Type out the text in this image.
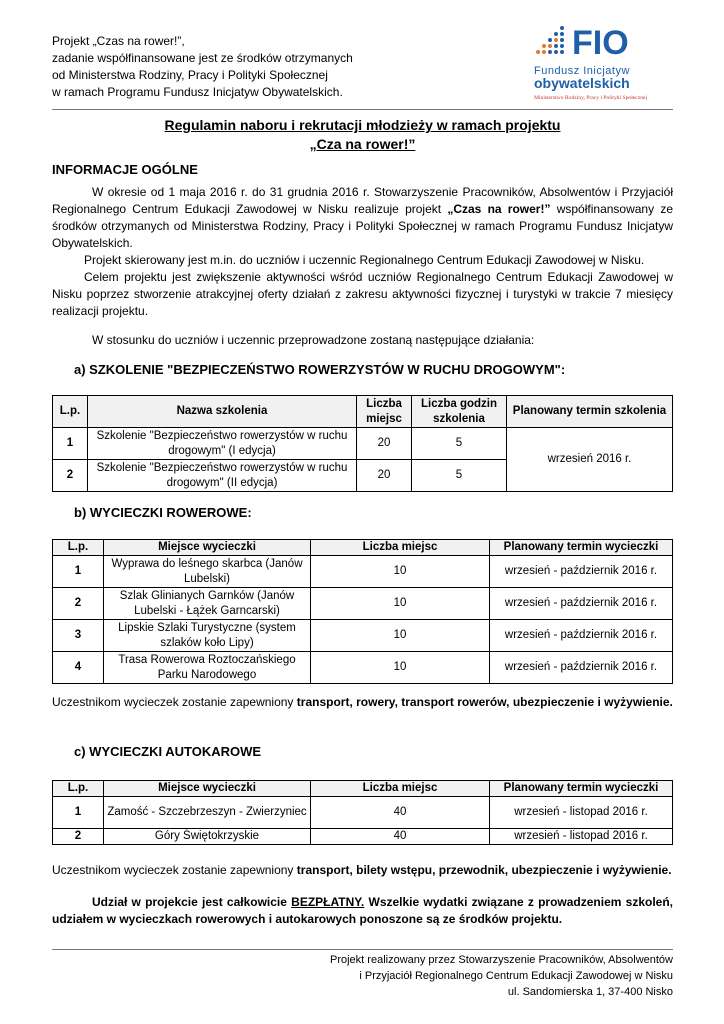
Projekt „Czas na rower!”,
zadanie współfinansowane jest ze środków otrzymanych
od Ministerstwa Rodziny, Pracy i Polityki Społecznej
w ramach Programu Fundusz Inicjatyw Obywatelskich.
FIO
Fundusz Inicjatyw
obywatelskich
Ministerstwo Rodziny, Pracy i Polityki Społecznej
Regulamin naboru i rekrutacji młodzieży w ramach projektu
„Cza na rower!”
INFORMACJE OGÓLNE
W okresie od 1 maja 2016 r. do 31 grudnia 2016 r. Stowarzyszenie Pracowników, Absolwentów i Przyjaciół Regionalnego Centrum Edukacji Zawodowej w Nisku realizuje projekt „Czas na rower!” współfinansowany ze środków otrzymanych od Ministerstwa Rodziny, Pracy i Polityki Społecznej w ramach Programu Fundusz Inicjatyw Obywatelskich.
Projekt skierowany jest m.in. do uczniów i uczennic Regionalnego Centrum Edukacji Zawodowej w Nisku.
Celem projektu jest zwiększenie aktywności wśród uczniów Regionalnego Centrum Edukacji Zawodowej w Nisku poprzez stworzenie atrakcyjnej oferty działań z zakresu aktywności fizycznej i turystyki w trakcie 7 miesięcy realizacji projektu.
W stosunku do uczniów i uczennic przeprowadzone zostaną następujące działania:
a) SZKOLENIE "BEZPIECZEŃSTWO ROWERZYSTÓW W RUCHU DROGOWYM":
L.p.	Nazwa szkolenia	Liczba miejsc	Liczba godzin szkolenia	Planowany termin szkolenia
1	Szkolenie "Bezpieczeństwo rowerzystów w ruchu drogowym" (I edycja)	20	5	wrzesień 2016 r.
2	Szkolenie "Bezpieczeństwo rowerzystów w ruchu drogowym" (II edycja)	20	5	
b) WYCIECZKI ROWEROWE:
L.p.	Miejsce wycieczki	Liczba miejsc	Planowany termin wycieczki
1	Wyprawa do leśnego skarbca (Janów Lubelski)	10	wrzesień - październik 2016 r.
2	Szlak Glinianych Garnków (Janów Lubelski - Łążek Garncarski)	10	wrzesień - październik 2016 r.
3	Lipskie Szlaki Turystyczne (system szlaków koło Lipy)	10	wrzesień - październik 2016 r.
4	Trasa Rowerowa Roztoczańskiego Parku Narodowego	10	wrzesień - październik 2016 r.
Uczestnikom wycieczek zostanie zapewniony transport, rowery, transport rowerów, ubezpieczenie i wyżywienie.
c) WYCIECZKI AUTOKAROWE
L.p.	Miejsce wycieczki	Liczba miejsc	Planowany termin wycieczki
1	Zamość - Szczebrzeszyn - Zwierzyniec	40	wrzesień - listopad 2016 r.
2	Góry Świętokrzyskie	40	wrzesień - listopad 2016 r.
Uczestnikom wycieczek zostanie zapewniony transport, bilety wstępu, przewodnik, ubezpieczenie i wyżywienie.
Udział w projekcie jest całkowicie BEZPŁATNY. Wszelkie wydatki związane z prowadzeniem szkoleń, udziałem w wycieczkach rowerowych i autokarowych ponoszone są ze środków projektu.
Projekt realizowany przez Stowarzyszenie Pracowników, Absolwentów
i Przyjaciół Regionalnego Centrum Edukacji Zawodowej w Nisku
ul. Sandomierska 1, 37-400 Nisko
